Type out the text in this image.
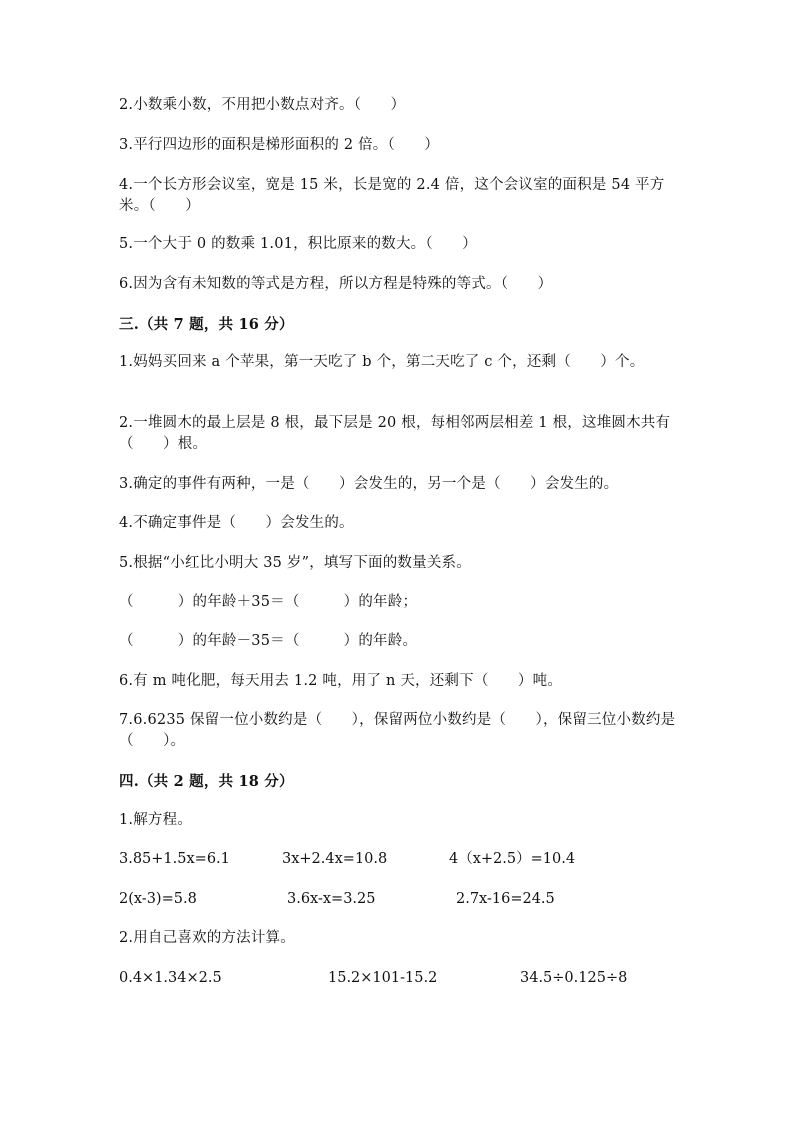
2.小数乘小数，不用把小数点对齐。（　　）
3.平行四边形的面积是梯形面积的 2 倍。（　　）
4.一个长方形会议室，宽是 15 米，长是宽的 2.4 倍，这个会议室的面积是 54 平方米。（　　）
5.一个大于 0 的数乘 1.01，积比原来的数大。（　　）
6.因为含有未知数的等式是方程，所以方程是特殊的等式。（　　）
三.（共 7 题，共 16 分）
1.妈妈买回来 a 个苹果，第一天吃了 b 个，第二天吃了 c 个，还剩（　　）个。
2.一堆圆木的最上层是 8 根，最下层是 20 根，每相邻两层相差 1 根，这堆圆木共有（　　）根。
3.确定的事件有两种，一是（　　）会发生的，另一个是（　　）会发生的。
4.不确定事件是（　　）会发生的。
5.根据“小红比小明大 35 岁”，填写下面的数量关系。
（　　　）的年龄＋35＝（　　　）的年龄；
（　　　）的年龄－35＝（　　　）的年龄。
6.有 m 吨化肥，每天用去 1.2 吨，用了 n 天，还剩下（　　）吨。
7.6.6235 保留一位小数约是（　　），保留两位小数约是（　　），保留三位小数约是（　　）。
四.（共 2 题，共 18 分）
1.解方程。
3.85+1.5x=6.1	3x+2.4x=10.8	4（x+2.5）=10.4
2(x-3)=5.8	3.6x-x=3.25	2.7x-16=24.5
2.用自己喜欢的方法计算。
0.4×1.34×2.5	15.2×101-15.2	34.5÷0.125÷8
